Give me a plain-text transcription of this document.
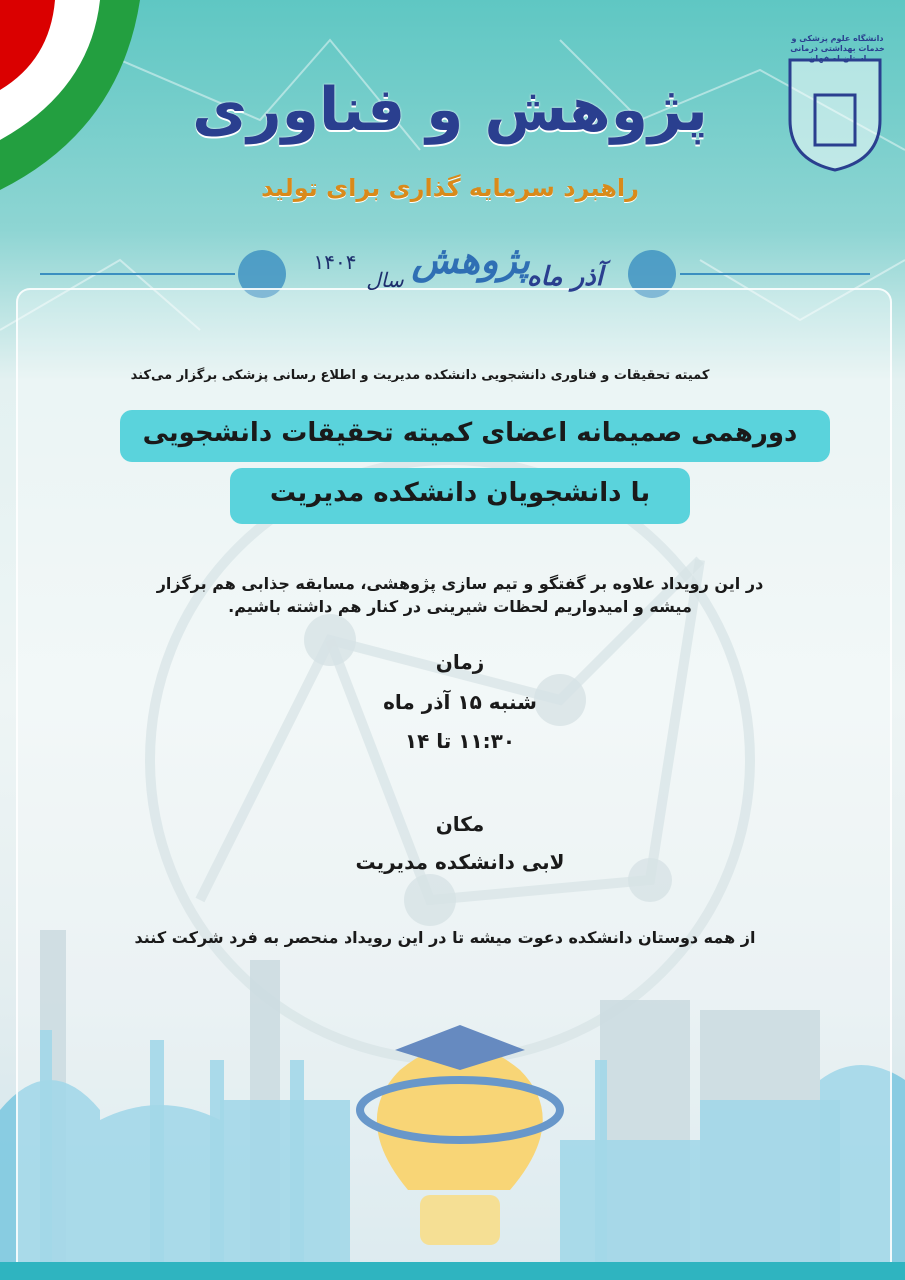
دانشگاه علوم پزشکی و خدمات بهداشتی درمانی استان اصفهان
پژوهش و فناوری
راهبرد سرمایه گذاری برای تولید
آذر ماه
پژوهش
سال
۱۴۰۴
کمیته تحقیقات و فناوری دانشجویی دانشکده مدیریت و اطلاع رسانی پزشکی برگزار می‌کند
دورهمی صمیمانه اعضای کمیته تحقیقات دانشجویی
با دانشجویان دانشکده مدیریت
در این رویداد علاوه بر گفتگو و تیم سازی پژوهشی، مسابقه جذابی هم برگزار میشه و امیدواریم لحظات شیرینی در کنار هم داشته باشیم.
زمان
شنبه ۱۵ آذر ماه
۱۱:۳۰ تا ۱۴
مکان
لابی دانشکده مدیریت
از همه دوستان دانشکده دعوت میشه تا در این رویداد منحصر به فرد شرکت کنند
